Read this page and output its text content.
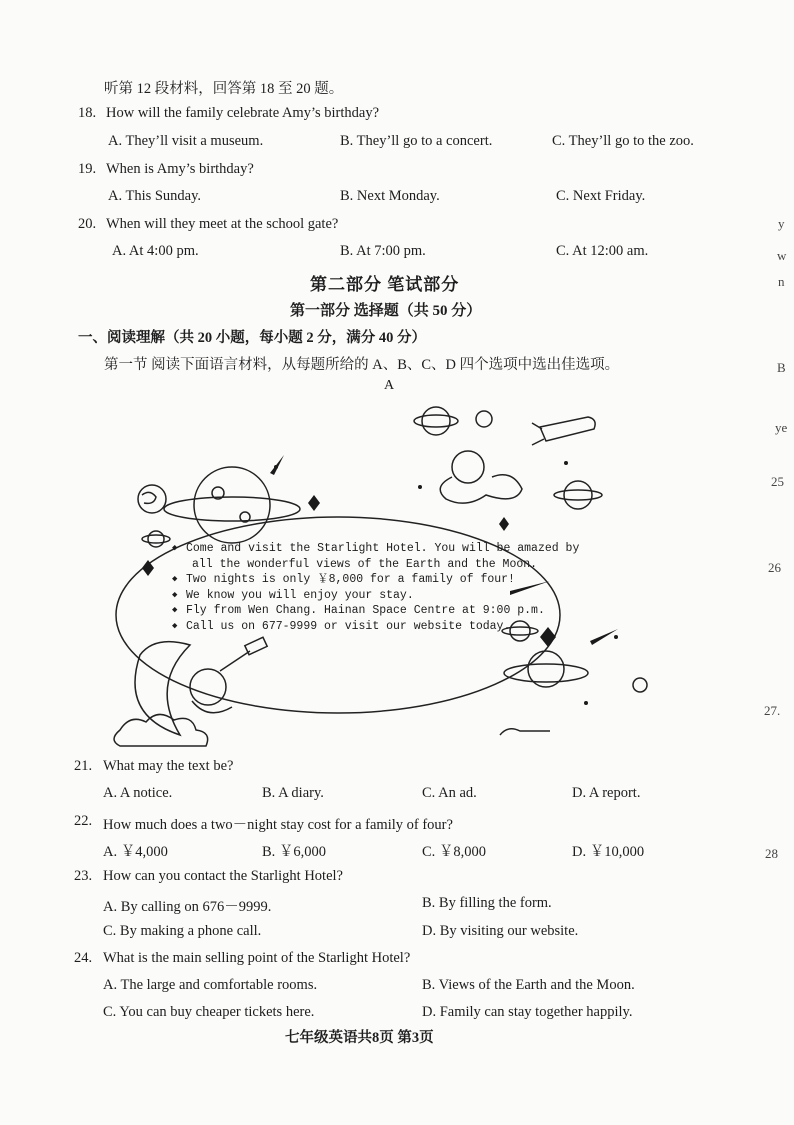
听第 12 段材料，回答第 18 至 20 题。
18. How will the family celebrate Amy’s birthday?
A. They’ll visit a museum.	B. They’ll go to a concert.	C. They’ll go to the zoo.
19. When is Amy’s birthday?
A. This Sunday.	B. Next Monday.	C. Next Friday.
20. When will they meet at the school gate?
A. At 4:00 pm.	B. At 7:00 pm.	C. At 12:00 am.
第二部分 笔试部分
第一部分 选择题（共 50 分）
一、阅读理解（共 20 小题，每小题 2 分，满分 40 分）
第一节 阅读下面语言材料，从每题所给的 A、B、C、D 四个选项中选出佳选项。
A
◆ Come and visit the Starlight Hotel. You will be amazed by
all the wonderful views of the Earth and the Moon.
◆ Two nights is only ￥8,000 for a family of four!
◆ We know you will enjoy your stay.
◆ Fly from Wen Chang. Hainan Space Centre at 9:00 p.m.
◆ Call us on 677-9999 or visit our website today.
21. What may the text be?
A. A notice.	B. A diary.	C. An ad.	D. A report.
22. How much does a two－night stay cost for a family of four?
A. ￥4,000	B. ￥6,000	C. ￥8,000	D. ￥10,000
23. How can you contact the Starlight Hotel?
A. By calling on 676－9999.	B. By filling the form.
C. By making a phone call.	D. By visiting our website.
24. What is the main selling point of the Starlight Hotel?
A. The large and comfortable rooms.	B. Views of the Earth and the Moon.
C. You can buy cheaper tickets here.	D. Family can stay together happily.
y
w
n
B
ye
25
26
27.
28
七年级英语共8页 第3页
